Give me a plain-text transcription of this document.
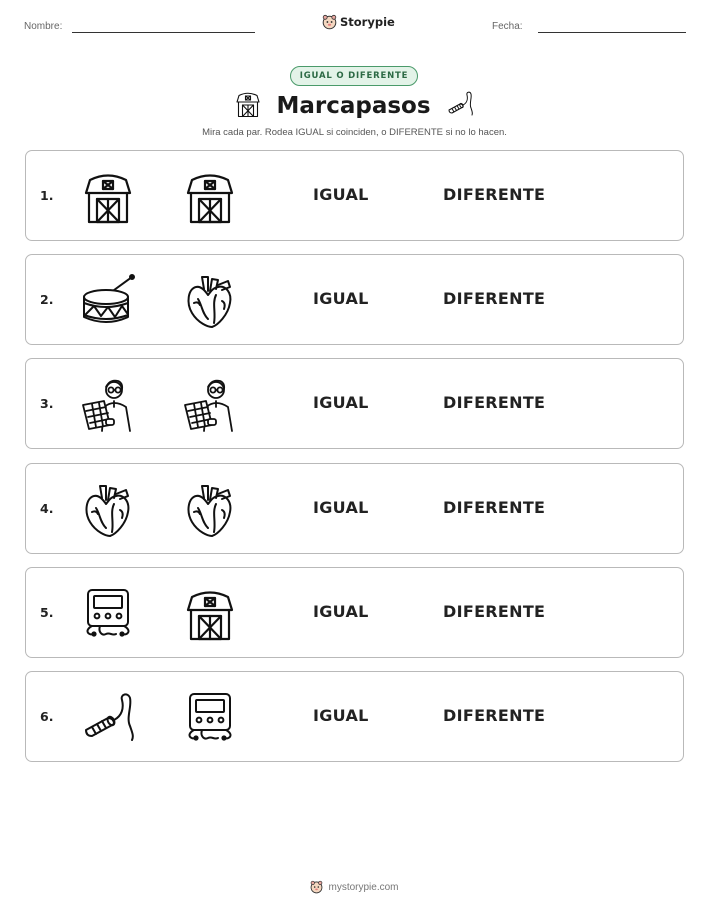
Nombre:	Storypie	Fecha:
IGUAL O DIFERENTE
Marcapasos
Mira cada par. Rodea IGUAL si coinciden, o DIFERENTE si no lo hacen.
1.	IGUAL	DIFERENTE
2.	IGUAL	DIFERENTE
3.	IGUAL	DIFERENTE
4.	IGUAL	DIFERENTE
5.	IGUAL	DIFERENTE
6.	IGUAL	DIFERENTE
mystorypie.com
